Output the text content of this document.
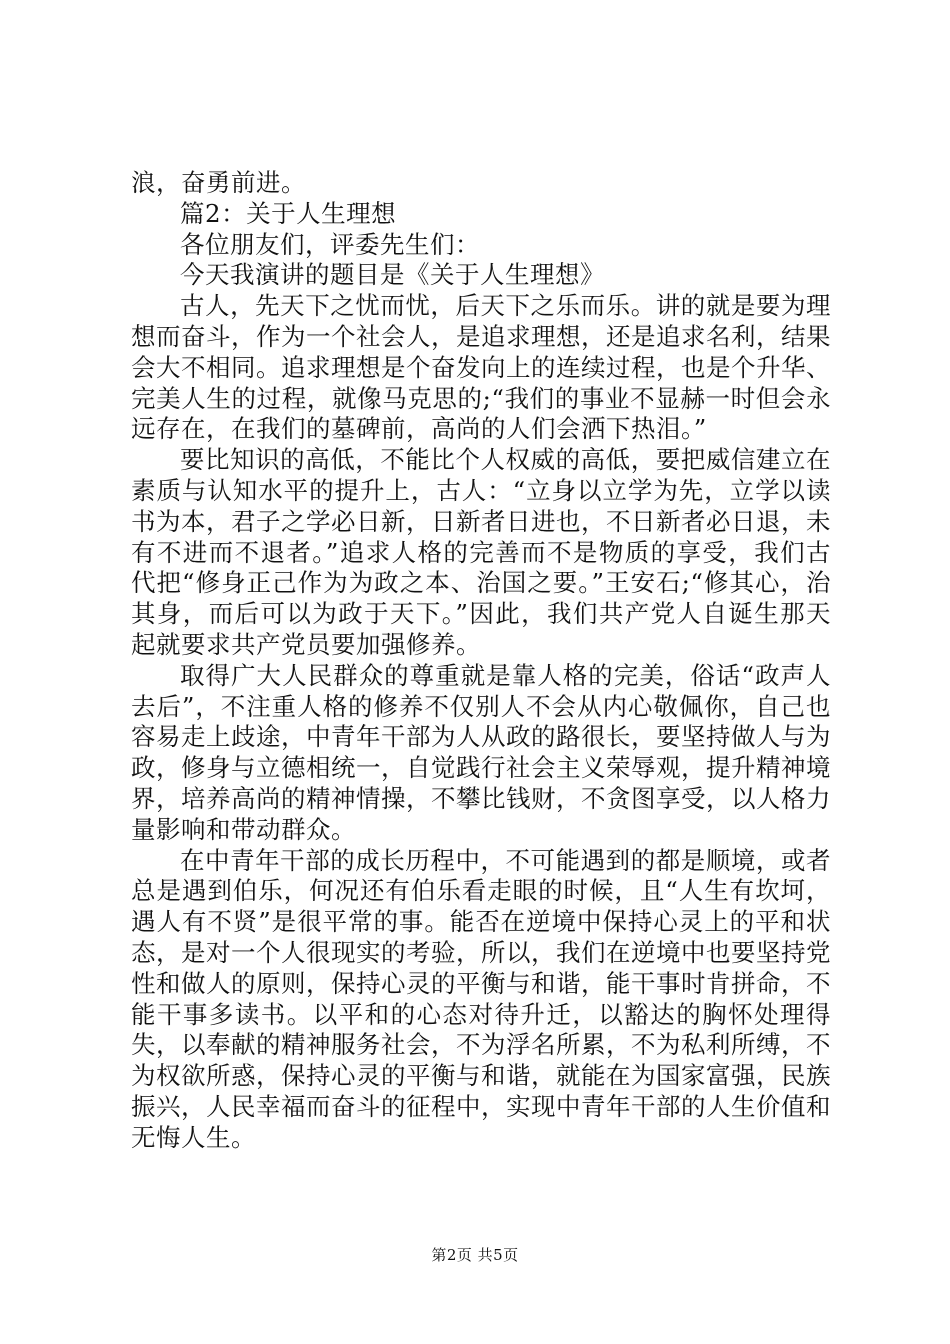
浪，奋勇前进。

篇2：关于人生理想

各位朋友们，评委先生们：

今天我演讲的题目是《关于人生理想》

古人，先天下之忧而忧，后天下之乐而乐。讲的就是要为理想而奋斗，作为一个社会人，是追求理想，还是追求名利，结果会大不相同。追求理想是个奋发向上的连续过程，也是个升华、完美人生的过程，就像马克思的;“我们的事业不显赫一时但会永远存在，在我们的墓碑前，高尚的人们会洒下热泪。”

要比知识的高低，不能比个人权威的高低，要把威信建立在素质与认知水平的提升上，古人：“立身以立学为先，立学以读书为本，君子之学必日新，日新者日进也，不日新者必日退，未有不进而不退者。”追求人格的完善而不是物质的享受，我们古代把“修身正己作为为政之本、治国之要。”王安石;“修其心，治其身，而后可以为政于天下。”因此，我们共产党人自诞生那天起就要求共产党员要加强修养。

取得广大人民群众的尊重就是靠人格的完美，俗话“政声人去后”，不注重人格的修养不仅别人不会从内心敬佩你，自己也容易走上歧途，中青年干部为人从政的路很长，要坚持做人与为政，修身与立德相统一，自觉践行社会主义荣辱观，提升精神境界，培养高尚的精神情操，不攀比钱财，不贪图享受，以人格力量影响和带动群众。

在中青年干部的成长历程中，不可能遇到的都是顺境，或者总是遇到伯乐，何况还有伯乐看走眼的时候，且“人生有坎坷，遇人有不贤”是很平常的事。能否在逆境中保持心灵上的平和状态，是对一个人很现实的考验，所以，我们在逆境中也要坚持党性和做人的原则，保持心灵的平衡与和谐，能干事时肯拼命，不能干事多读书。以平和的心态对待升迁，以豁达的胸怀处理得失，以奉献的精神服务社会，不为浮名所累，不为私利所缚，不为权欲所惑，保持心灵的平衡与和谐，就能在为国家富强，民族振兴，人民幸福而奋斗的征程中，实现中青年干部的人生价值和无悔人生。

第2页 共5页
